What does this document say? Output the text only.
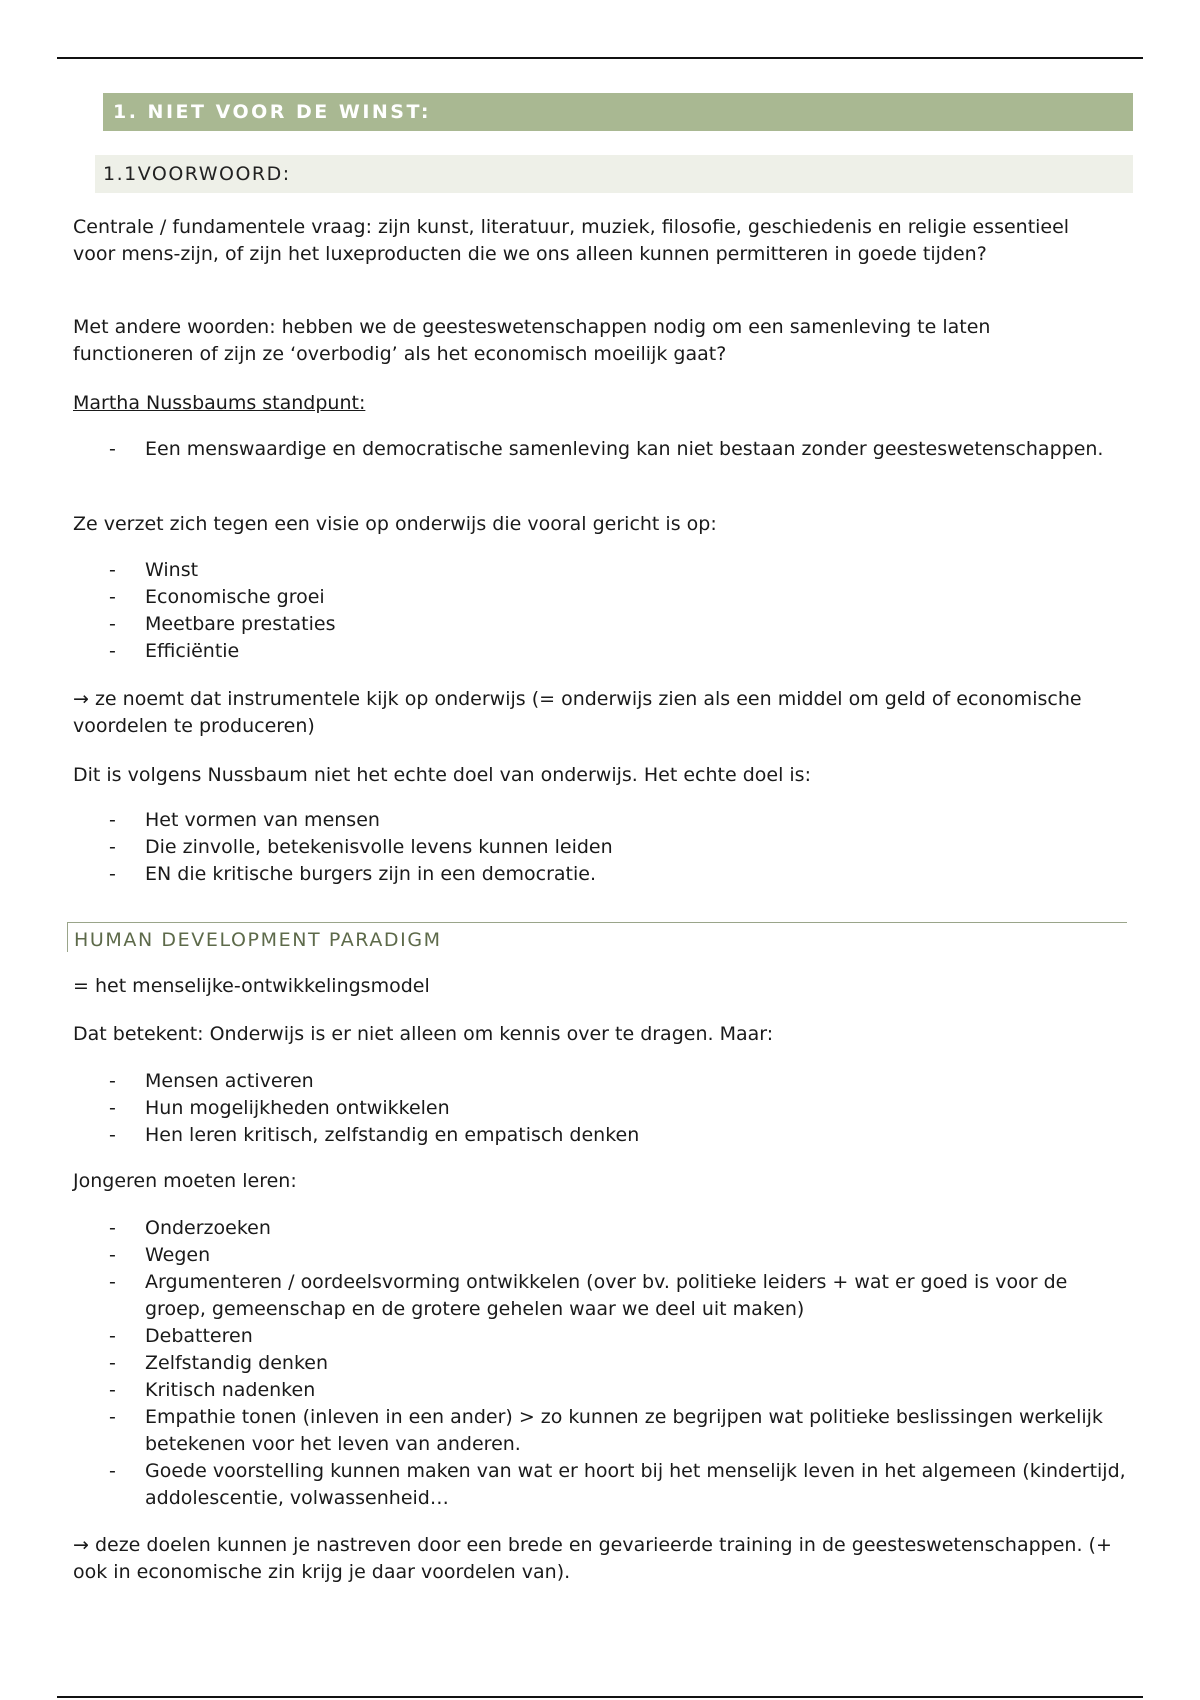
1. NIET VOOR DE WINST:
1.1VOORWOORD:

Centrale / fundamentele vraag: zijn kunst, literatuur, muziek, filosofie, geschiedenis en religie essentieel voor mens-zijn, of zijn het luxeproducten die we ons alleen kunnen permitteren in goede tijden?

Met andere woorden: hebben we de geesteswetenschappen nodig om een samenleving te laten functioneren of zijn ze ‘overbodig’ als het economisch moeilijk gaat?

Martha Nussbaums standpunt:

- Een menswaardige en democratische samenleving kan niet bestaan zonder geesteswetenschappen.

Ze verzet zich tegen een visie op onderwijs die vooral gericht is op:

- Winst
- Economische groei
- Meetbare prestaties
- Efficiëntie

→ ze noemt dat instrumentele kijk op onderwijs (= onderwijs zien als een middel om geld of economische voordelen te produceren)

Dit is volgens Nussbaum niet het echte doel van onderwijs. Het echte doel is:

- Het vormen van mensen
- Die zinvolle, betekenisvolle levens kunnen leiden
- EN die kritische burgers zijn in een democratie.
HUMAN DEVELOPMENT PARADIGM

= het menselijke-ontwikkelingsmodel

Dat betekent: Onderwijs is er niet alleen om kennis over te dragen. Maar:

- Mensen activeren
- Hun mogelijkheden ontwikkelen
- Hen leren kritisch, zelfstandig en empatisch denken

Jongeren moeten leren:

- Onderzoeken
- Wegen
- Argumenteren / oordeelsvorming ontwikkelen (over bv. politieke leiders + wat er goed is voor de groep, gemeenschap en de grotere gehelen waar we deel uit maken)
- Debatteren
- Zelfstandig denken
- Kritisch nadenken
- Empathie tonen (inleven in een ander) > zo kunnen ze begrijpen wat politieke beslissingen werkelijk betekenen voor het leven van anderen.
- Goede voorstelling kunnen maken van wat er hoort bij het menselijk leven in het algemeen (kindertijd, addolescentie, volwassenheid…

→ deze doelen kunnen je nastreven door een brede en gevarieerde training in de geesteswetenschappen. (+ ook in economische zin krijg je daar voordelen van).
